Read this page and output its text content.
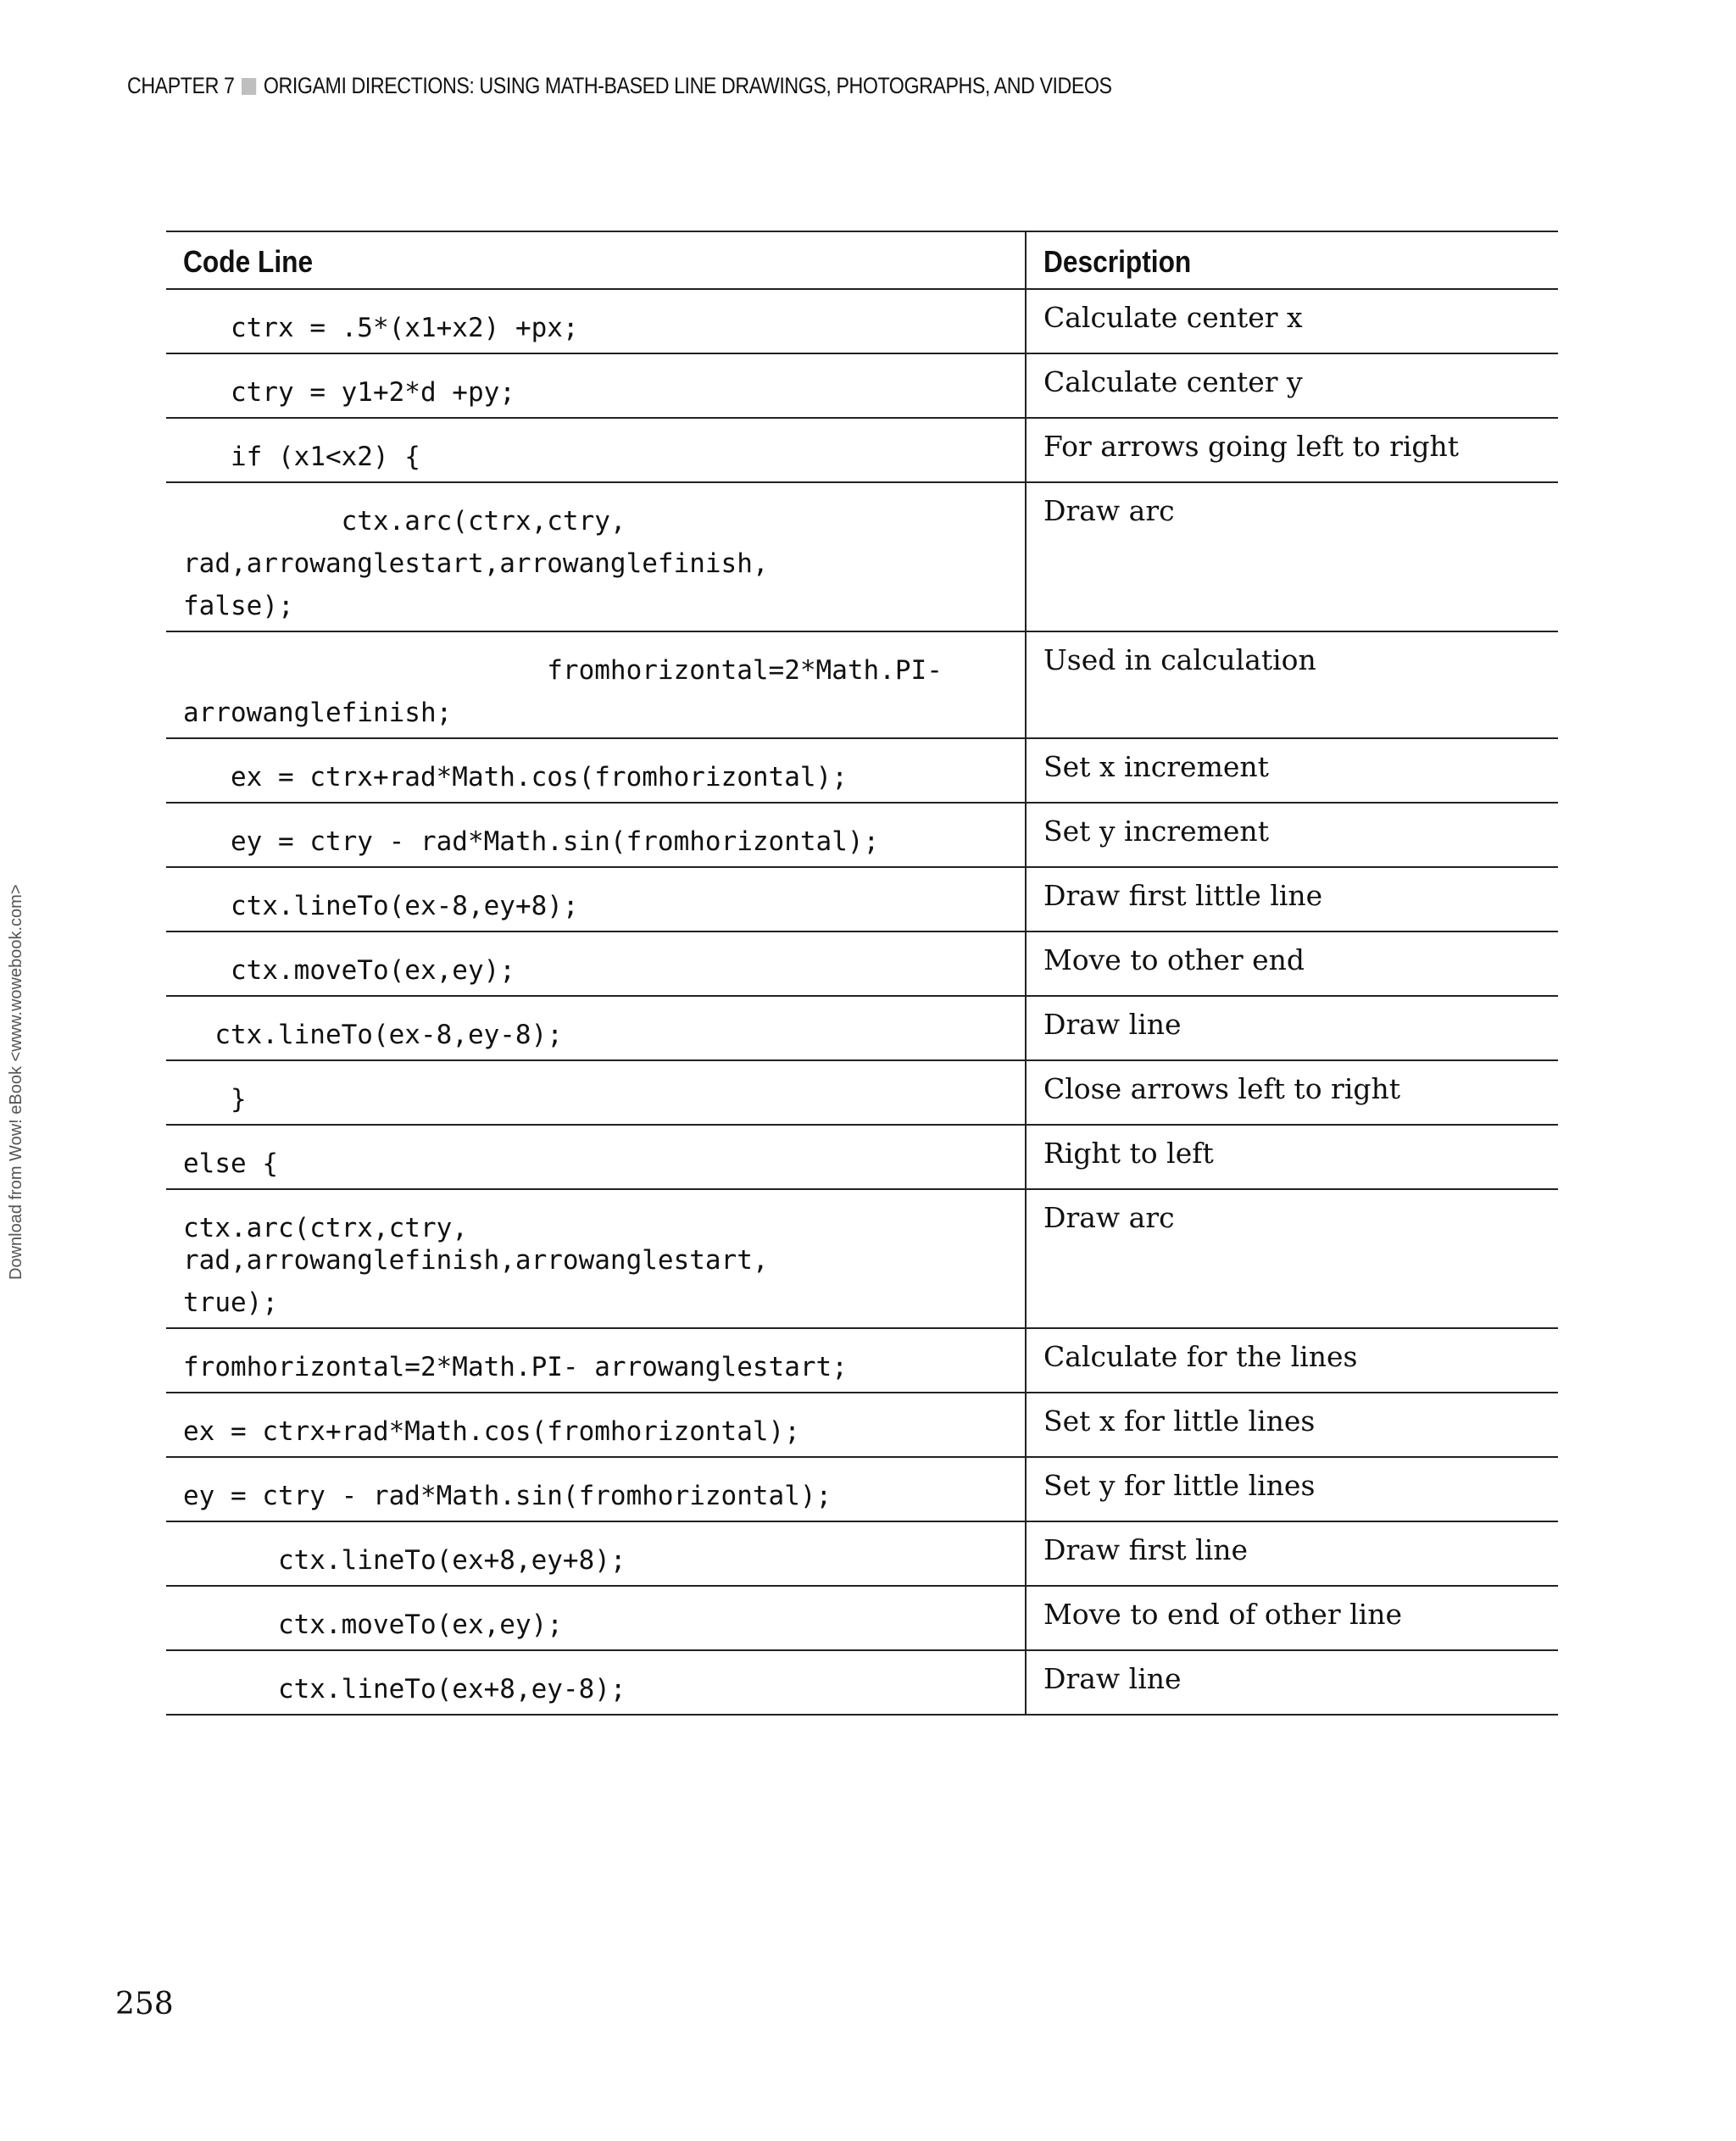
CHAPTER 7 ORIGAMI DIRECTIONS: USING MATH-BASED LINE DRAWINGS, PHOTOGRAPHS, AND VIDEOS
Download from Wow! eBook <www.wowebook.com>
Code Line	Description

ctrx = .5*(x1+x2) +px;	Calculate center x

ctry = y1+2*d +py;	Calculate center y

if (x1<x2) {	For arrows going left to right

ctx.arc(ctrx,ctry,
rad,arrowanglestart,arrowanglefinish,
false);	Draw arc

fromhorizontal=2*Math.PI-
arrowanglefinish;	Used in calculation

ex = ctrx+rad*Math.cos(fromhorizontal);	Set x increment

ey = ctry - rad*Math.sin(fromhorizontal);	Set y increment

ctx.lineTo(ex-8,ey+8);	Draw first little line

ctx.moveTo(ex,ey);	Move to other end

ctx.lineTo(ex-8,ey-8);	Draw line

}	Close arrows left to right

else {	Right to left

ctx.arc(ctrx,ctry, rad,arrowanglefinish,arrowanglestart,
true);	Draw arc

fromhorizontal=2*Math.PI- arrowanglestart;	Calculate for the lines

ex = ctrx+rad*Math.cos(fromhorizontal);	Set x for little lines

ey = ctry - rad*Math.sin(fromhorizontal);	Set y for little lines

ctx.lineTo(ex+8,ey+8);	Draw first line

ctx.moveTo(ex,ey);	Move to end of other line

ctx.lineTo(ex+8,ey-8);	Draw line
258
